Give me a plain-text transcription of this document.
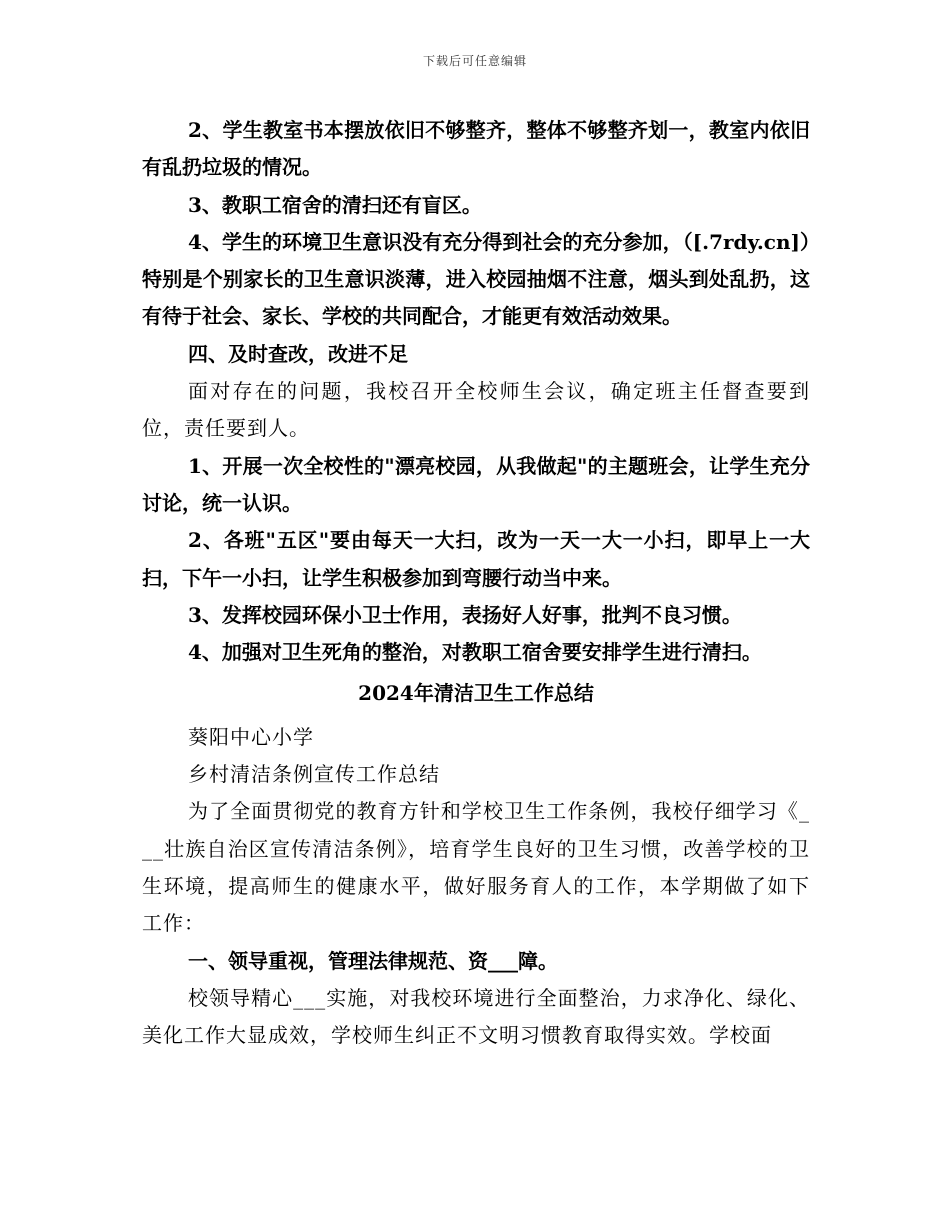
下载后可任意编辑

2、学生教室书本摆放依旧不够整齐，整体不够整齐划一，教室内依旧有乱扔垃圾的情况。

3、教职工宿舍的清扫还有盲区。

4、学生的环境卫生意识没有充分得到社会的充分参加，（[.7rdy.cn]）特别是个别家长的卫生意识淡薄，进入校园抽烟不注意，烟头到处乱扔，这有待于社会、家长、学校的共同配合，才能更有效活动效果。

四、及时查改，改进不足

面对存在的问题，我校召开全校师生会议，确定班主任督查要到位，责任要到人。

1、开展一次全校性的"漂亮校园，从我做起"的主题班会，让学生充分讨论，统一认识。

2、各班"五区"要由每天一大扫，改为一天一大一小扫，即早上一大扫，下午一小扫，让学生积极参加到弯腰行动当中来。

3、发挥校园环保小卫士作用，表扬好人好事，批判不良习惯。

4、加强对卫生死角的整治，对教职工宿舍要安排学生进行清扫。

2024年清洁卫生工作总结

葵阳中心小学

乡村清洁条例宣传工作总结

为了全面贯彻党的教育方针和学校卫生工作条例，我校仔细学习《___壮族自治区宣传清洁条例》，培育学生良好的卫生习惯，改善学校的卫生环境，提高师生的健康水平，做好服务育人的工作，本学期做了如下工作：

一、领导重视，管理法律规范、资___障。

校领导精心___实施，对我校环境进行全面整治，力求净化、绿化、美化工作大显成效，学校师生纠正不文明习惯教育取得实效。学校面
